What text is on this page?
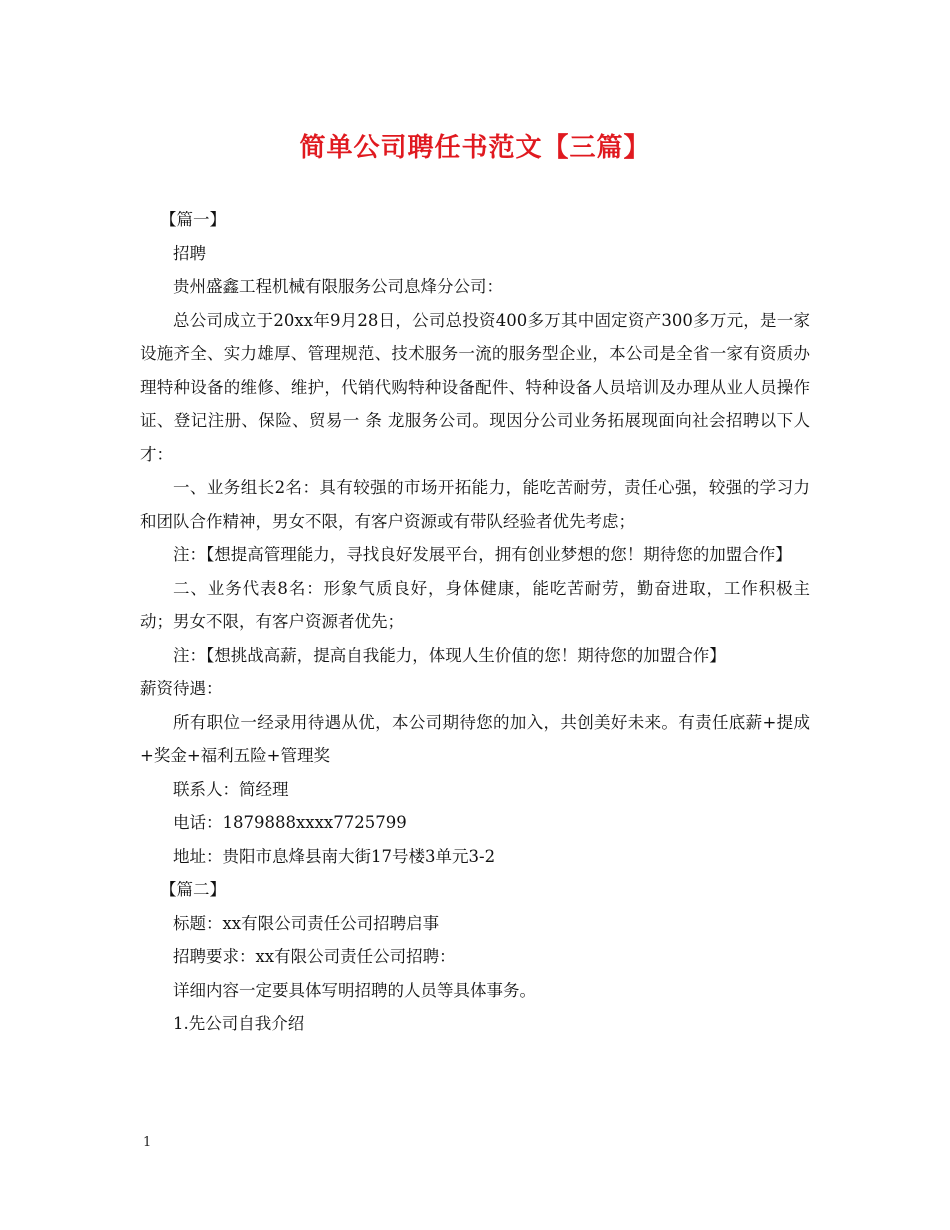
简单公司聘任书范文【三篇】

【篇一】

招聘

贵州盛鑫工程机械有限服务公司息烽分公司：

总公司成立于20xx年9月28日，公司总投资400多万其中固定资产300多万元，是一家设施齐全、实力雄厚、管理规范、技术服务一流的服务型企业，本公司是全省一家有资质办理特种设备的维修、维护，代销代购特种设备配件、特种设备人员培训及办理从业人员操作证、登记注册、保险、贸易一 条 龙服务公司。现因分公司业务拓展现面向社会招聘以下人才：

一、业务组长2名：具有较强的市场开拓能力，能吃苦耐劳，责任心强，较强的学习力和团队合作精神，男女不限，有客户资源或有带队经验者优先考虑；

注：【想提高管理能力，寻找良好发展平台，拥有创业梦想的您！期待您的加盟合作】

二、业务代表8名：形象气质良好，身体健康，能吃苦耐劳，勤奋进取，工作积极主动；男女不限，有客户资源者优先；

注：【想挑战高薪，提高自我能力，体现人生价值的您！期待您的加盟合作】

薪资待遇：

所有职位一经录用待遇从优，本公司期待您的加入，共创美好未来。有责任底薪+提成+奖金+福利五险+管理奖

联系人：简经理

电话：1879888xxxx7725799

地址：贵阳市息烽县南大街17号楼3单元3-2

【篇二】

标题：xx有限公司责任公司招聘启事

招聘要求：xx有限公司责任公司招聘：

详细内容一定要具体写明招聘的人员等具体事务。

1.先公司自我介绍

1
